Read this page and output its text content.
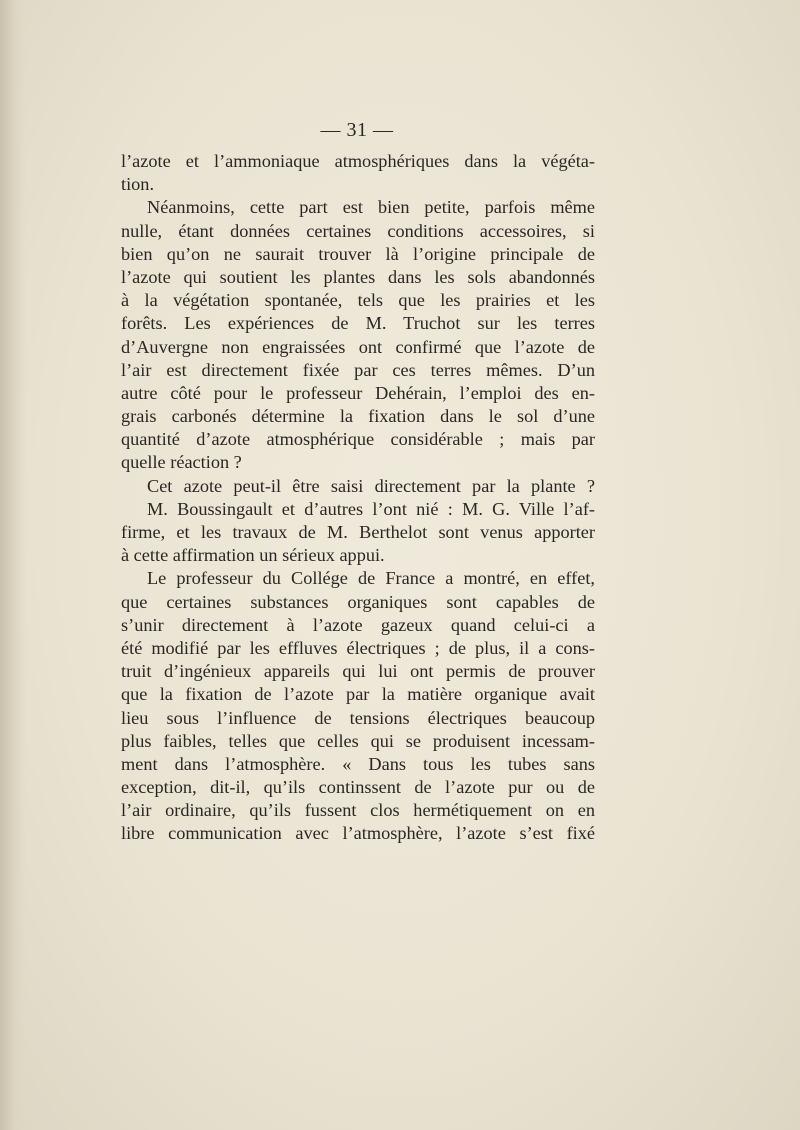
— 31 —
l’azote et l’ammoniaque atmosphériques dans la végéta-
tion.
Néanmoins, cette part est bien petite, parfois même
nulle, étant données certaines conditions accessoires, si
bien qu’on ne saurait trouver là l’origine principale de
l’azote qui soutient les plantes dans les sols abandonnés
à la végétation spontanée, tels que les prairies et les
forêts. Les expériences de M. Truchot sur les terres
d’Auvergne non engraissées ont confirmé que l’azote de
l’air est directement fixée par ces terres mêmes. D’un
autre côté pour le professeur Dehérain, l’emploi des en-
grais carbonés détermine la fixation dans le sol d’une
quantité d’azote atmosphérique considérable ; mais par
quelle réaction ?
Cet azote peut-il être saisi directement par la plante ?
M. Boussingault et d’autres l’ont nié : M. G. Ville l’af-
firme, et les travaux de M. Berthelot sont venus apporter
à cette affirmation un sérieux appui.
Le professeur du Collége de France a montré, en effet,
que certaines substances organiques sont capables de
s’unir directement à l’azote gazeux quand celui-ci a
été modifié par les effluves électriques ; de plus, il a cons-
truit d’ingénieux appareils qui lui ont permis de prouver
que la fixation de l’azote par la matière organique avait
lieu sous l’influence de tensions électriques beaucoup
plus faibles, telles que celles qui se produisent incessam-
ment dans l’atmosphère. « Dans tous les tubes sans
exception, dit-il, qu’ils continssent de l’azote pur ou de
l’air ordinaire, qu’ils fussent clos hermétiquement on en
libre communication avec l’atmosphère, l’azote s’est fixé
